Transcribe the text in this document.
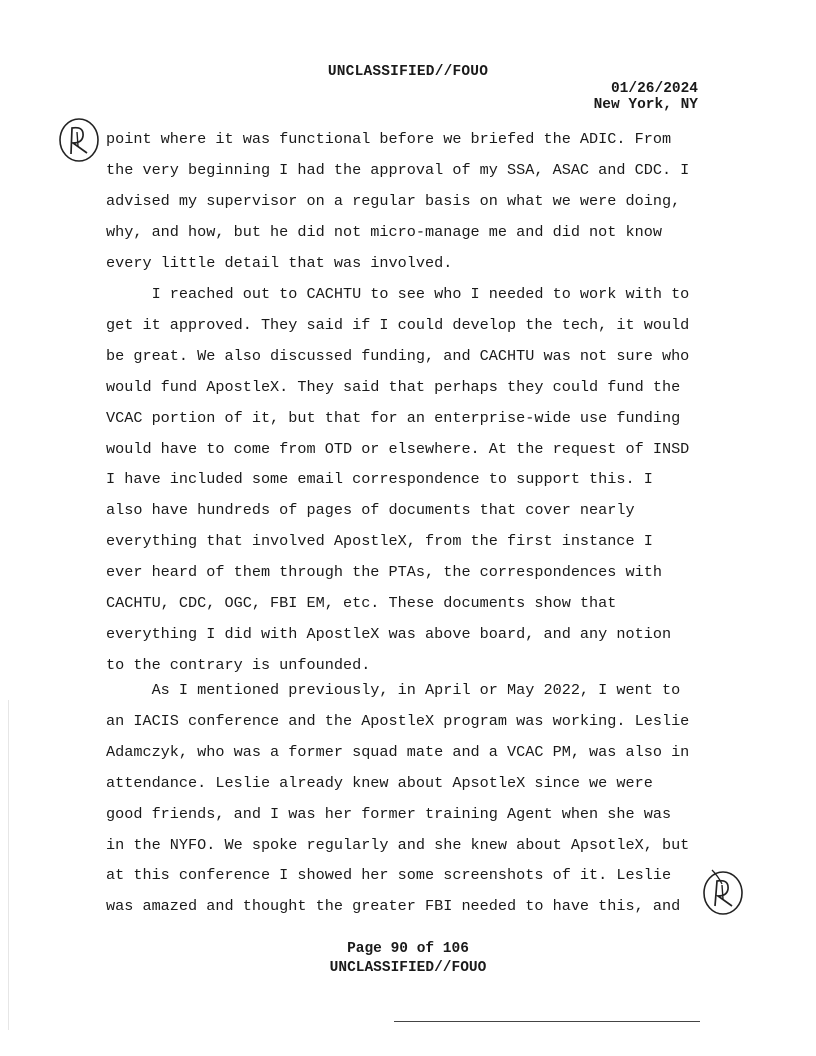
UNCLASSIFIED//FOUO
01/26/2024
New York, NY
point where it was functional before we briefed the ADIC. From
the very beginning I had the approval of my SSA, ASAC and CDC. I
advised my supervisor on a regular basis on what we were doing,
why, and how, but he did not micro-manage me and did not know
every little detail that was involved.
I reached out to CACHTU to see who I needed to work with to
get it approved. They said if I could develop the tech, it would
be great. We also discussed funding, and CACHTU was not sure who
would fund ApostleX. They said that perhaps they could fund the
VCAC portion of it, but that for an enterprise-wide use funding
would have to come from OTD or elsewhere. At the request of INSD
I have included some email correspondence to support this. I
also have hundreds of pages of documents that cover nearly
everything that involved ApostleX, from the first instance I
ever heard of them through the PTAs, the correspondences with
CACHTU, CDC, OGC, FBI EM, etc. These documents show that
everything I did with ApostleX was above board, and any notion
to the contrary is unfounded.
As I mentioned previously, in April or May 2022, I went to
an IACIS conference and the ApostleX program was working. Leslie
Adamczyk, who was a former squad mate and a VCAC PM, was also in
attendance. Leslie already knew about ApsotleX since we were
good friends, and I was her former training Agent when she was
in the NYFO. We spoke regularly and she knew about ApsotleX, but
at this conference I showed her some screenshots of it. Leslie
was amazed and thought the greater FBI needed to have this, and
Page 90 of 106
UNCLASSIFIED//FOUO
